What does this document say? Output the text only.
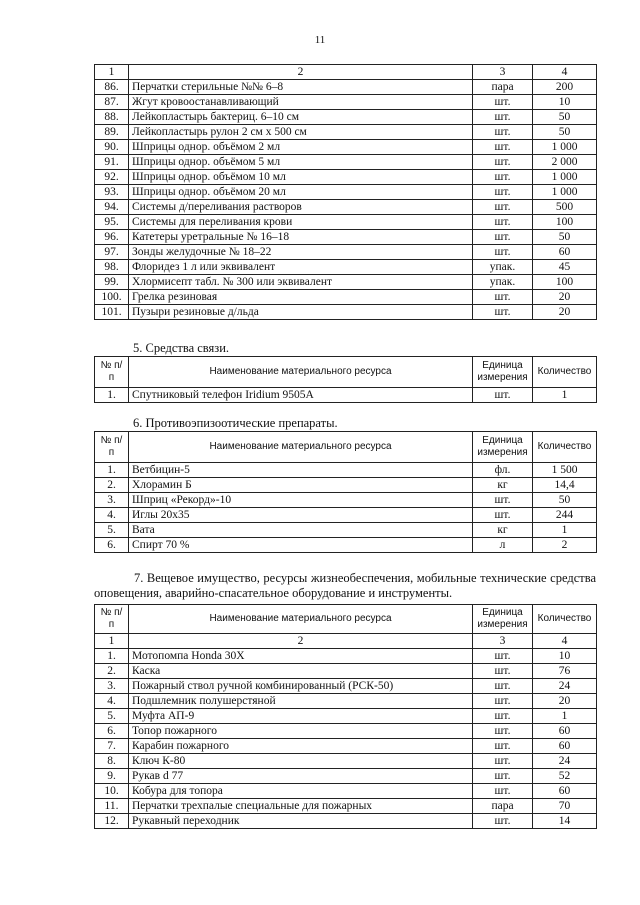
11
1	2	3	4
86.	Перчатки стерильные №№ 6–8	пара	200
87.	Жгут кровоостанавливающий	шт.	10
88.	Лейкопластырь бактериц. 6–10 см	шт.	50
89.	Лейкопластырь рулон 2 см х 500 см	шт.	50
90.	Шприцы однор. объёмом 2 мл	шт.	1 000
91.	Шприцы однор. объёмом 5 мл	шт.	2 000
92.	Шприцы однор. объёмом 10 мл	шт.	1 000
93.	Шприцы однор. объёмом 20 мл	шт.	1 000
94.	Системы д/переливания растворов	шт.	500
95.	Системы для переливания крови	шт.	100
96.	Катетеры уретральные № 16–18	шт.	50
97.	Зонды желудочные № 18–22	шт.	60
98.	Флоридез 1 л или эквивалент	упак.	45
99.	Хлормисепт табл. № 300 или эквивалент	упак.	100
100.	Грелка резиновая	шт.	20
101.	Пузыри резиновые д/льда	шт.	20
5. Средства связи.
№ п/п	Наименование материального ресурса	Единица измерения	Количество
1.	Спутниковый телефон Iridium 9505A	шт.	1
6. Противоэпизоотические препараты.
№ п/п	Наименование материального ресурса	Единица измерения	Количество
1.	Ветбицин-5	фл.	1 500
2.	Хлорамин Б	кг	14,4
3.	Шприц «Рекорд»-10	шт.	50
4.	Иглы 20х35	шт.	244
5.	Вата	кг	1
6.	Спирт 70 %	л	2
7. Вещевое имущество, ресурсы жизнеобеспечения, мобильные технические средства оповещения, аварийно-спасательное оборудование и инструменты.
№ п/п	Наименование материального ресурса	Единица измерения	Количество
1	2	3	4
1.	Мотопомпа Honda 30X	шт.	10
2.	Каска	шт.	76
3.	Пожарный ствол ручной комбинированный (РСК-50)	шт.	24
4.	Подшлемник полушерстяной	шт.	20
5.	Муфта АП-9	шт.	1
6.	Топор пожарного	шт.	60
7.	Карабин пожарного	шт.	60
8.	Ключ К-80	шт.	24
9.	Рукав d 77	шт.	52
10.	Кобура для топора	шт.	60
11.	Перчатки трехпалые специальные для пожарных	пара	70
12.	Рукавный переходник	шт.	14
